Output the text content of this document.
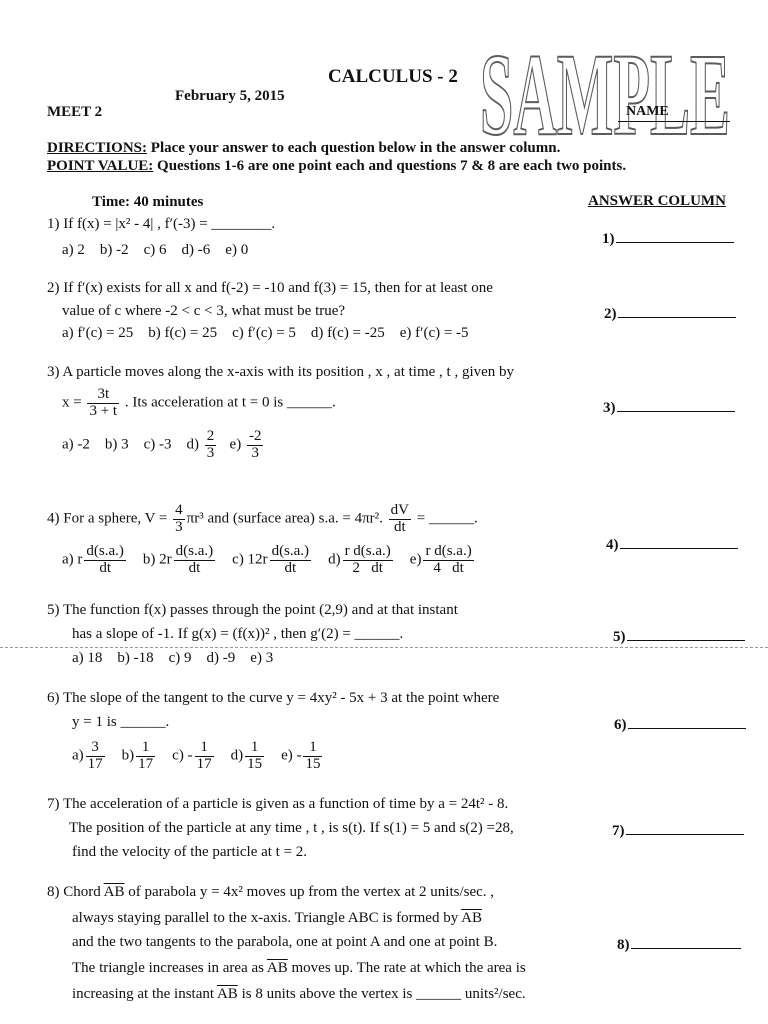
SAMPLE
CALCULUS - 2
February 5, 2015
MEET 2	NAME
DIRECTIONS: Place your answer to each question below in the answer column.
POINT VALUE: Questions 1-6 are one point each and questions 7 & 8 are each two points.
Time: 40 minutes	ANSWER COLUMN
1)
2)
3)
4)
5)
6)
7)
8)
1) If f(x) = |x² - 4| , f′(-3) = ________.
a) 2    b) -2    c) 6    d) -6    e) 0
2) If f′(x) exists for all x and f(-2) = -10 and f(3) = 15, then for at least one
value of c where -2 < c < 3, what must be true?
a) f′(c) = 25    b) f(c) = 25    c) f′(c) = 5    d) f(c) = -25    e) f′(c) = -5
3) A particle moves along the x-axis with its position , x , at time , t , given by
$x = \frac{3t}{3 + t}$ . Its acceleration at t = 0 is ______.
a) -2    b) 3    c) -3    $d) \frac{2}{3} e) \frac{-2}{3}$
4) For a sphere, $V = \frac{4}{3} \pi r^3$ and (surface area) s.a. = 4πr². $\frac{dV}{dt}$ = ______.
a) r $\frac{d(s.a.)}{dt} b$) $2r \frac{d(s.a.)}{dt} c$) $12r \frac{d(s.a.)}{dt} d) \frac{\text{r d(s.a.)}}{2 dt} e) \frac{\text{r d(s.a.)}}{4 dt}$
5) The function f(x) passes through the point (2,9) and at that instant
has a slope of -1. If g(x) = (f(x))² , then g′(2) = ______.
a) 18    b) -18    c) 9    d) -9    e) 3
6) The slope of the tangent to the curve y = 4xy² - 5x + 3 at the point where
y = 1 is ______.
$a) \frac{3}{17} b) \frac{1}{17} c) - \frac{1}{17} d) \frac{1}{15} e) - \frac{1}{15}$
7) The acceleration of a particle is given as a function of time by a = 24t² - 8.
The position of the particle at any time , t , is s(t). If s(1) = 5 and s(2) =28,
find the velocity of the particle at t = 2.
8) Chord $\overline{AB}$ of parabola y = 4x² moves up from the vertex at 2 units/sec. ,
always staying parallel to the x-axis. Triangle ABC is formed by $\overline{AB}$
and the two tangents to the parabola, one at point A and one at point B.
The triangle increases in area as $\overline{AB}$ moves up. The rate at which the area is
increasing at the instant $\overline{AB}$ is 8 units above the vertex is ______ units²/sec.
